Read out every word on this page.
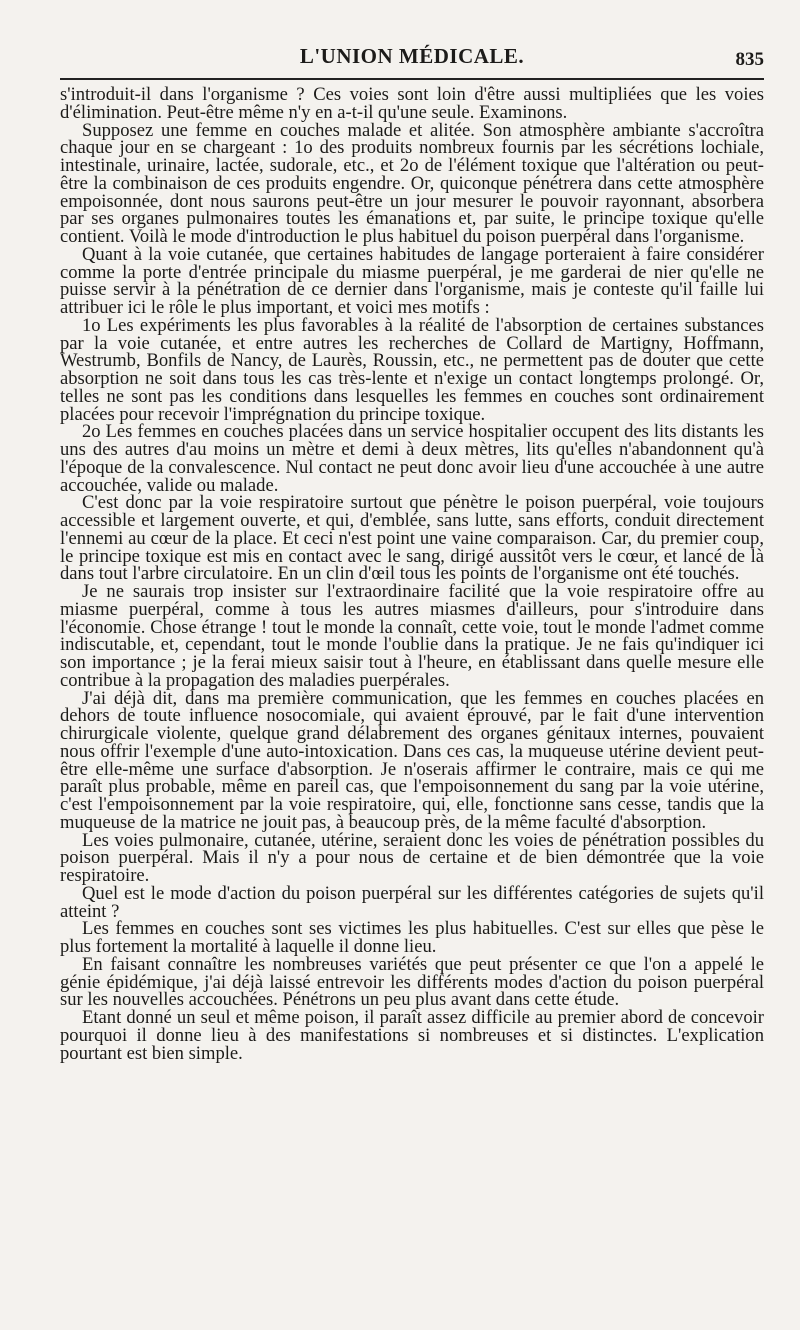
L'UNION MÉDICALE.	835

s'introduit-il dans l'organisme ? Ces voies sont loin d'être aussi multipliées que les voies d'élimination. Peut-être même n'y en a-t-il qu'une seule. Examinons.

Supposez une femme en couches malade et alitée. Son atmosphère ambiante s'accroîtra chaque jour en se chargeant : 1o des produits nombreux fournis par les sécrétions lochiale, intestinale, urinaire, lactée, sudorale, etc., et 2o de l'élément toxique que l'altération ou peut-être la combinaison de ces produits engendre. Or, quiconque pénétrera dans cette atmosphère empoisonnée, dont nous saurons peut-être un jour mesurer le pouvoir rayonnant, absorbera par ses organes pulmonaires toutes les émanations et, par suite, le principe toxique qu'elle contient. Voilà le mode d'introduction le plus habituel du poison puerpéral dans l'organisme.

Quant à la voie cutanée, que certaines habitudes de langage porteraient à faire considérer comme la porte d'entrée principale du miasme puerpéral, je me garderai de nier qu'elle ne puisse servir à la pénétration de ce dernier dans l'organisme, mais je conteste qu'il faille lui attribuer ici le rôle le plus important, et voici mes motifs :

1o Les expériments les plus favorables à la réalité de l'absorption de certaines substances par la voie cutanée, et entre autres les recherches de Collard de Martigny, Hoffmann, Westrumb, Bonfils de Nancy, de Laurès, Roussin, etc., ne permettent pas de douter que cette absorption ne soit dans tous les cas très-lente et n'exige un contact longtemps prolongé. Or, telles ne sont pas les conditions dans lesquelles les femmes en couches sont ordinairement placées pour recevoir l'imprégnation du principe toxique.

2o Les femmes en couches placées dans un service hospitalier occupent des lits distants les uns des autres d'au moins un mètre et demi à deux mètres, lits qu'elles n'abandonnent qu'à l'époque de la convalescence. Nul contact ne peut donc avoir lieu d'une accouchée à une autre accouchée, valide ou malade.

C'est donc par la voie respiratoire surtout que pénètre le poison puerpéral, voie toujours accessible et largement ouverte, et qui, d'emblée, sans lutte, sans efforts, conduit directement l'ennemi au cœur de la place. Et ceci n'est point une vaine comparaison. Car, du premier coup, le principe toxique est mis en contact avec le sang, dirigé aussitôt vers le cœur, et lancé de là dans tout l'arbre circulatoire. En un clin d'œil tous les points de l'organisme ont été touchés.

Je ne saurais trop insister sur l'extraordinaire facilité que la voie respiratoire offre au miasme puerpéral, comme à tous les autres miasmes d'ailleurs, pour s'introduire dans l'économie. Chose étrange ! tout le monde la connaît, cette voie, tout le monde l'admet comme indiscutable, et, cependant, tout le monde l'oublie dans la pratique. Je ne fais qu'indiquer ici son importance ; je la ferai mieux saisir tout à l'heure, en établissant dans quelle mesure elle contribue à la propagation des maladies puerpérales.

J'ai déjà dit, dans ma première communication, que les femmes en couches placées en dehors de toute influence nosocomiale, qui avaient éprouvé, par le fait d'une intervention chirurgicale violente, quelque grand délabrement des organes génitaux internes, pouvaient nous offrir l'exemple d'une auto-intoxication. Dans ces cas, la muqueuse utérine devient peut-être elle-même une surface d'absorption. Je n'oserais affirmer le contraire, mais ce qui me paraît plus probable, même en pareil cas, que l'empoisonnement du sang par la voie utérine, c'est l'empoisonnement par la voie respiratoire, qui, elle, fonctionne sans cesse, tandis que la muqueuse de la matrice ne jouit pas, à beaucoup près, de la même faculté d'absorption.

Les voies pulmonaire, cutanée, utérine, seraient donc les voies de pénétration possibles du poison puerpéral. Mais il n'y a pour nous de certaine et de bien démontrée que la voie respiratoire.

Quel est le mode d'action du poison puerpéral sur les différentes catégories de sujets qu'il atteint ?

Les femmes en couches sont ses victimes les plus habituelles. C'est sur elles que pèse le plus fortement la mortalité à laquelle il donne lieu.

En faisant connaître les nombreuses variétés que peut présenter ce que l'on a appelé le génie épidémique, j'ai déjà laissé entrevoir les différents modes d'action du poison puerpéral sur les nouvelles accouchées. Pénétrons un peu plus avant dans cette étude.

Etant donné un seul et même poison, il paraît assez difficile au premier abord de concevoir pourquoi il donne lieu à des manifestations si nombreuses et si distinctes. L'explication pourtant est bien simple.
